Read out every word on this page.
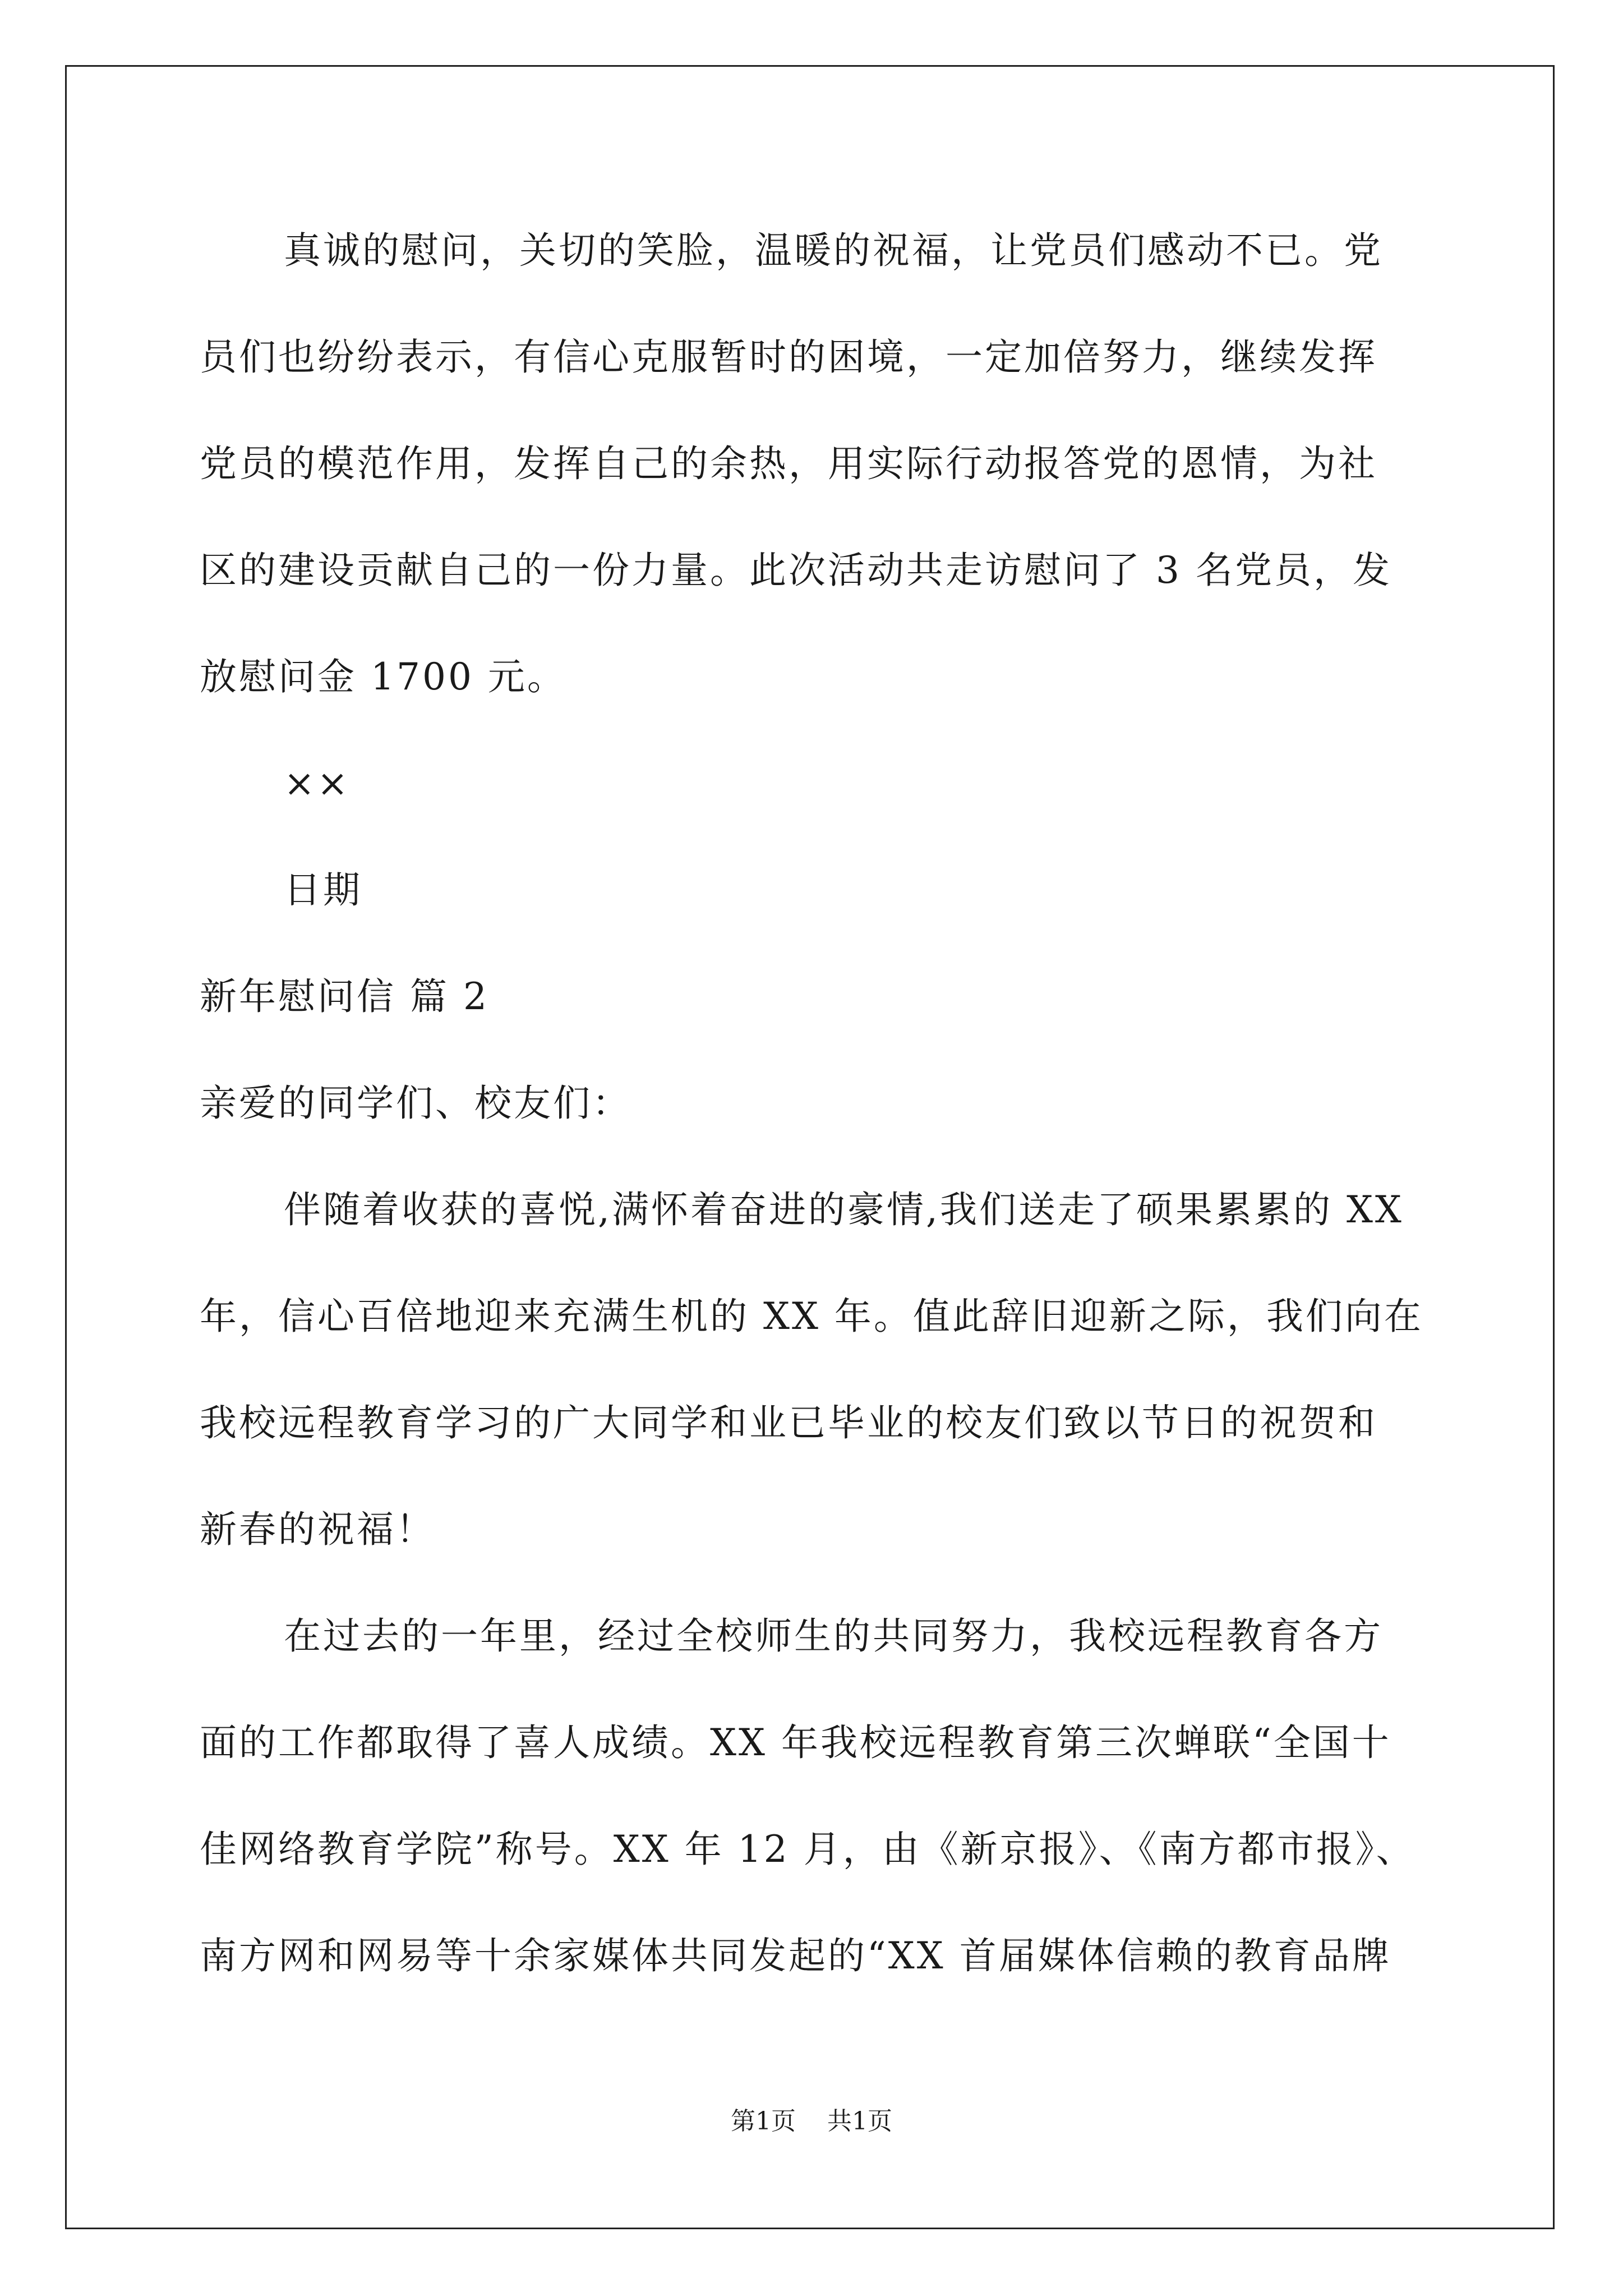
真诚的慰问，关切的笑脸，温暖的祝福，让党员们感动不已。党
员们也纷纷表示，有信心克服暂时的困境，一定加倍努力，继续发挥
党员的模范作用，发挥自己的余热，用实际行动报答党的恩情，为社
区的建设贡献自己的一份力量。此次活动共走访慰问了 3 名党员，发
放慰问金 1700 元。
××
日期
新年慰问信 篇 2
亲爱的同学们、校友们：
伴随着收获的喜悦,满怀着奋进的豪情,我们送走了硕果累累的 XX
年，信心百倍地迎来充满生机的 XX 年。值此辞旧迎新之际，我们向在
我校远程教育学习的广大同学和业已毕业的校友们致以节日的祝贺和
新春的祝福！
在过去的一年里，经过全校师生的共同努力，我校远程教育各方
面的工作都取得了喜人成绩。XX 年我校远程教育第三次蝉联“全国十
佳网络教育学院”称号。XX 年 12 月，由《新京报》、《南方都市报》、
南方网和网易等十余家媒体共同发起的“XX 首届媒体信赖的教育品牌
第1页 共1页
